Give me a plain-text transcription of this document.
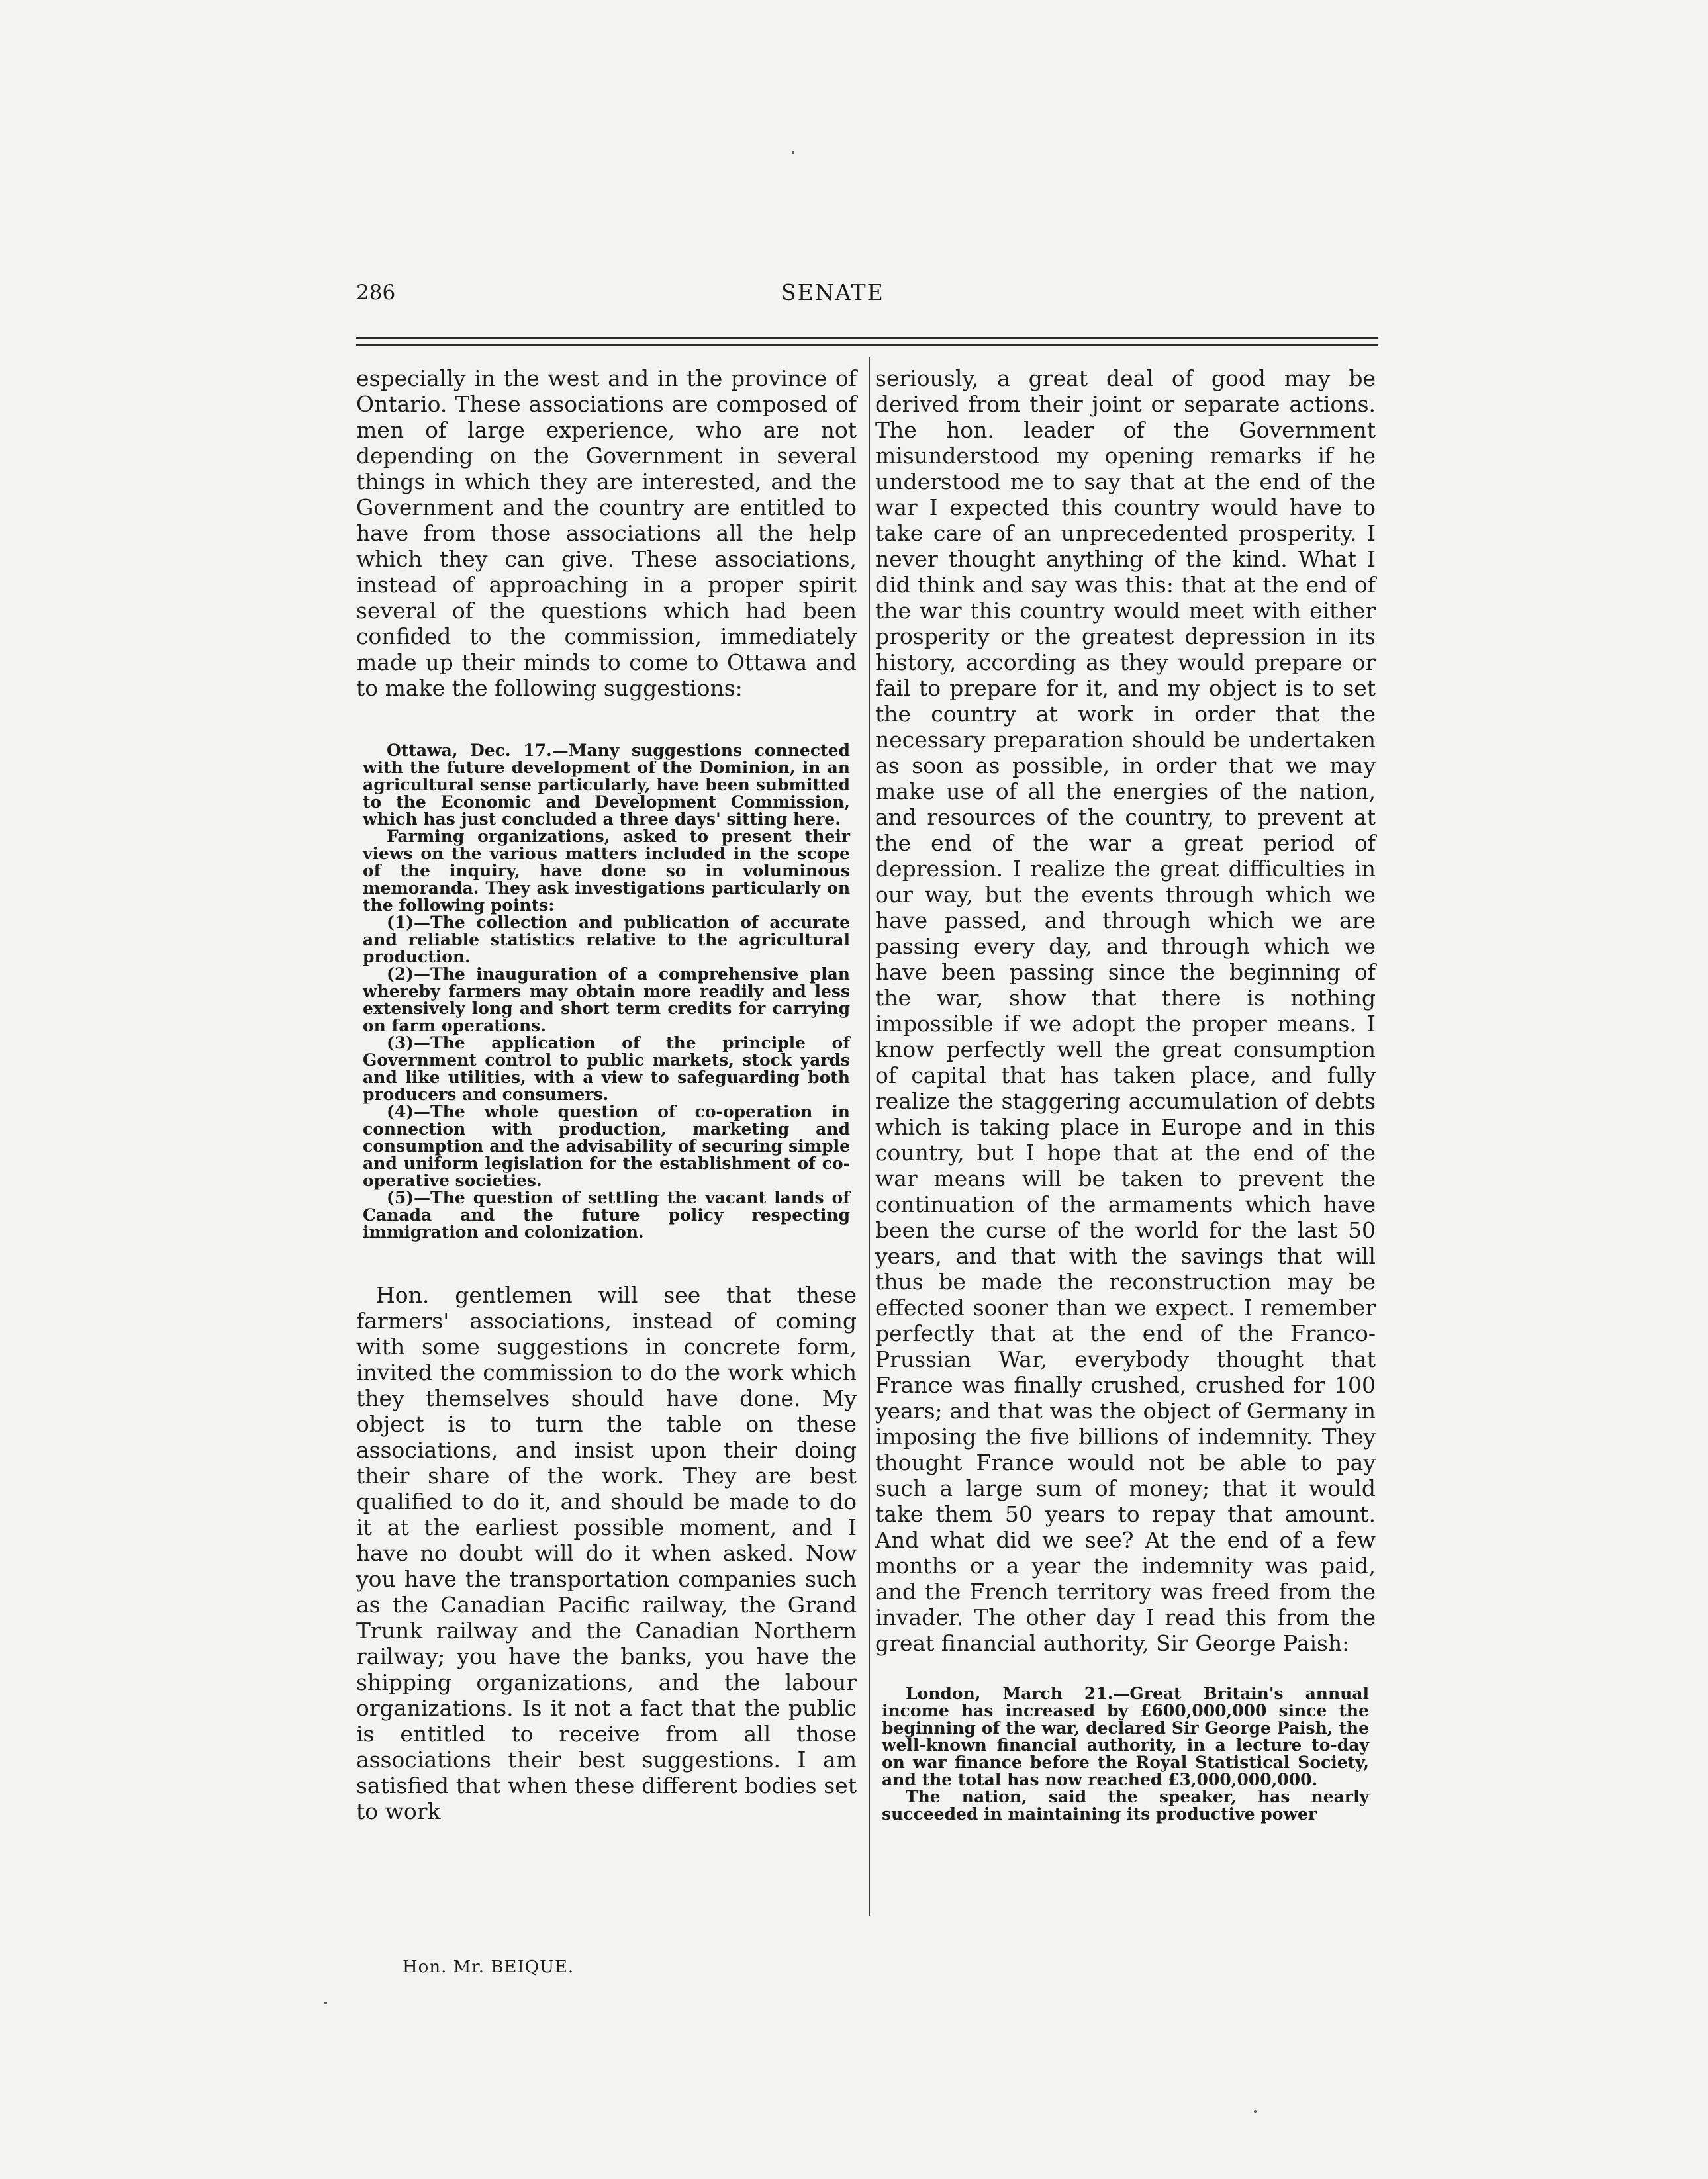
286	SENATE

especially in the west and in the province of Ontario. These associations are composed of men of large experience, who are not depending on the Government in several things in which they are interested, and the Government and the country are entitled to have from those associations all the help which they can give. These associations, instead of approaching in a proper spirit several of the questions which had been confided to the commission, immediately made up their minds to come to Ottawa and to make the following suggestions:

Ottawa, Dec. 17.—Many suggestions connected with the future development of the Dominion, in an agricultural sense particularly, have been submitted to the Economic and Development Commission, which has just concluded a three days' sitting here.

Farming organizations, asked to present their views on the various matters included in the scope of the inquiry, have done so in voluminous memoranda. They ask investigations particularly on the following points:

(1)—The collection and publication of accurate and reliable statistics relative to the agricultural production.

(2)—The inauguration of a comprehensive plan whereby farmers may obtain more readily and less extensively long and short term credits for carrying on farm operations.

(3)—The application of the principle of Government control to public markets, stock yards and like utilities, with a view to safeguarding both producers and consumers.

(4)—The whole question of co-operation in connection with production, marketing and consumption and the advisability of securing simple and uniform legislation for the establishment of co-operative societies.

(5)—The question of settling the vacant lands of Canada and the future policy respecting immigration and colonization.

Hon. gentlemen will see that these farmers' associations, instead of coming with some suggestions in concrete form, invited the commission to do the work which they themselves should have done. My object is to turn the table on these associations, and insist upon their doing their share of the work. They are best qualified to do it, and should be made to do it at the earliest possible moment, and I have no doubt will do it when asked. Now you have the transportation companies such as the Canadian Pacific railway, the Grand Trunk railway and the Canadian Northern railway; you have the banks, you have the shipping organizations, and the labour organizations. Is it not a fact that the public is entitled to receive from all those associations their best suggestions. I am satisfied that when these different bodies set to work

seriously, a great deal of good may be derived from their joint or separate actions. The hon. leader of the Government misunderstood my opening remarks if he understood me to say that at the end of the war I expected this country would have to take care of an unprecedented prosperity. I never thought anything of the kind. What I did think and say was this: that at the end of the war this country would meet with either prosperity or the greatest depression in its history, according as they would prepare or fail to prepare for it, and my object is to set the country at work in order that the necessary preparation should be undertaken as soon as possible, in order that we may make use of all the energies of the nation, and resources of the country, to prevent at the end of the war a great period of depression. I realize the great difficulties in our way, but the events through which we have passed, and through which we are passing every day, and through which we have been passing since the beginning of the war, show that there is nothing impossible if we adopt the proper means. I know perfectly well the great consumption of capital that has taken place, and fully realize the staggering accumulation of debts which is taking place in Europe and in this country, but I hope that at the end of the war means will be taken to prevent the continuation of the armaments which have been the curse of the world for the last 50 years, and that with the savings that will thus be made the reconstruction may be effected sooner than we expect. I remember perfectly that at the end of the Franco-Prussian War, everybody thought that France was finally crushed, crushed for 100 years; and that was the object of Germany in imposing the five billions of indemnity. They thought France would not be able to pay such a large sum of money; that it would take them 50 years to repay that amount. And what did we see? At the end of a few months or a year the indemnity was paid, and the French territory was freed from the invader. The other day I read this from the great financial authority, Sir George Paish:

London, March 21.—Great Britain's annual income has increased by £600,000,000 since the beginning of the war, declared Sir George Paish, the well-known financial authority, in a lecture to-day on war finance before the Royal Statistical Society, and the total has now reached £3,000,000,000.

The nation, said the speaker, has nearly succeeded in maintaining its productive power

Hon. Mr. BEIQUE.
